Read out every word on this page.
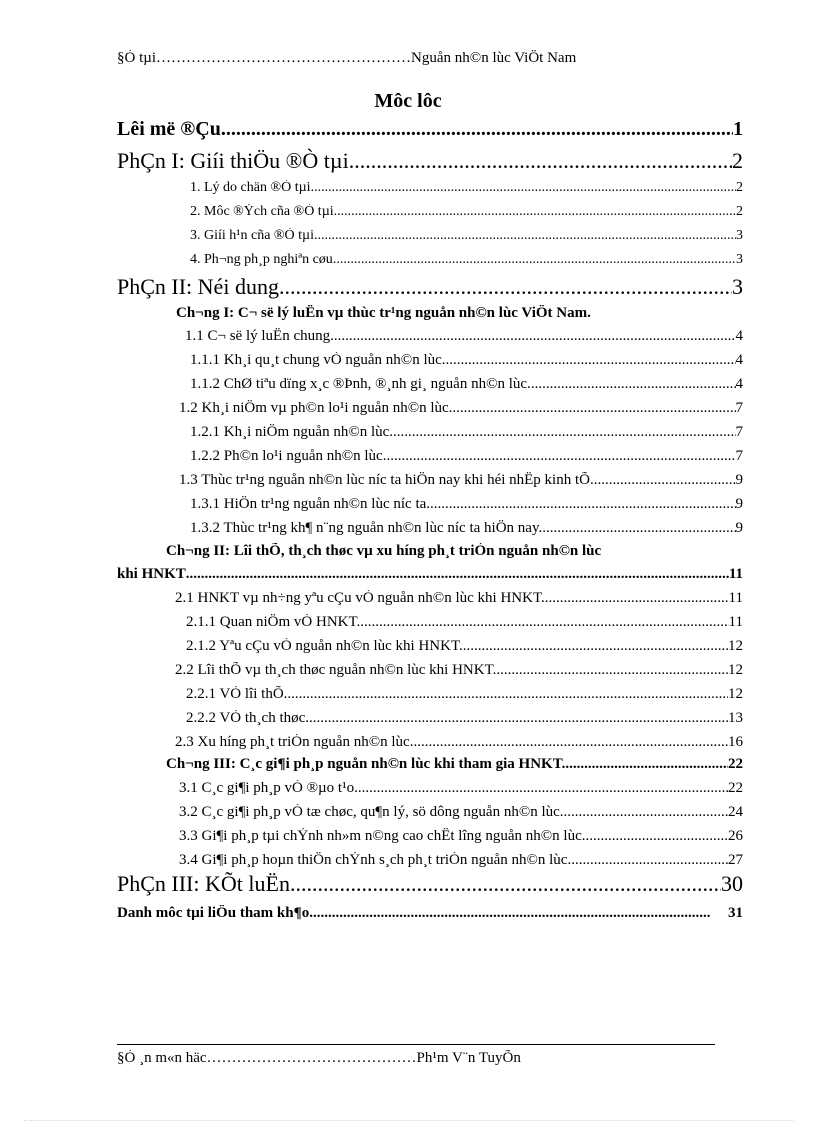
§Ò tµi……………………………………………Nguån nh©n lùc ViÖt Nam
Môc lôc
Lêi më ®Çu .....	1
PhÇn I: Giíi thiÖu ®Ò tµi .....	2
1. Lý do chän ®Ò tµi .....	2
2. Môc ®Ých cña ®Ò tµi .....	2
3. Giíi h¹n cña ®Ò tµi .....	3
4. Ph¬ng ph¸p nghiªn cøu .....	3
PhÇn II: Néi dung .....	3
Ch¬ng I: C¬ së lý luËn vµ thùc tr¹ng nguån nh©n lùc ViÖt Nam.
1.1 C¬ së lý luËn chung .....	4
1.1.1 Kh¸i qu¸t chung vÒ nguån nh©n lùc. .....	4
1.1.2 ChØ tiªu dïng x¸c ®Þnh, ®¸nh gi¸ nguån nh©n lùc. .....	4
1.2 Kh¸i niÖm vµ ph©n lo¹i nguån nh©n lùc. .....	7
1.2.1 Kh¸i niÖm nguån nh©n lùc. .....	7
1.2.2 Ph©n lo¹i nguån nh©n lùc. .....	7
1.3 Thùc tr¹ng nguån nh©n lùc níc ta hiÖn nay khi héi nhËp kinh tÕ. .....	9
1.3.1 HiÖn tr¹ng nguån nh©n lùc níc ta. .....	9
1.3.2 Thùc tr¹ng kh¶ n¨ng nguån nh©n lùc níc ta hiÖn nay. .....	9
Ch¬ng II: Lîi thÕ, th¸ch thøc vµ xu híng ph¸t triÓn nguån nh©n lùc
khi HNKT .....	11
2.1 HNKT vµ nh÷ng yªu cÇu vÒ nguån nh©n lùc khi HNKT. .....	11
2.1.1 Quan niÖm vÒ HNKT. .....	11
2.1.2 Yªu cÇu vÒ nguån nh©n lùc khi HNKT. .....	12
2.2 Lîi thÕ vµ th¸ch thøc nguån nh©n lùc khi HNKT. .....	12
2.2.1 VÒ lîi thÕ. .....	12
2.2.2 VÒ th¸ch thøc .....	13
2.3 Xu híng ph¸t triÓn nguån nh©n lùc .....	16
Ch¬ng III: C¸c gi¶i ph¸p nguån nh©n lùc khi tham gia HNKT. .....	22
3.1 C¸c gi¶i ph¸p vÒ ®µo t¹o .....	22
3.2 C¸c gi¶i ph¸p vÒ tæ chøc, qu¶n lý, sö dông nguån nh©n lùc .....	24
3.3 Gi¶i ph¸p tµi chÝnh nh»m n©ng cao chÊt lîng nguån nh©n lùc. .....	26
3.4 Gi¶i ph¸p hoµn thiÖn chÝnh s¸ch ph¸t triÓn nguån nh©n lùc .....	27
PhÇn III: KÕt luËn .....	30
Danh môc tµi liÖu tham kh¶o .....	31
§Ò ¸n m«n häc……………………………………Ph¹m V¨n TuyÕn
